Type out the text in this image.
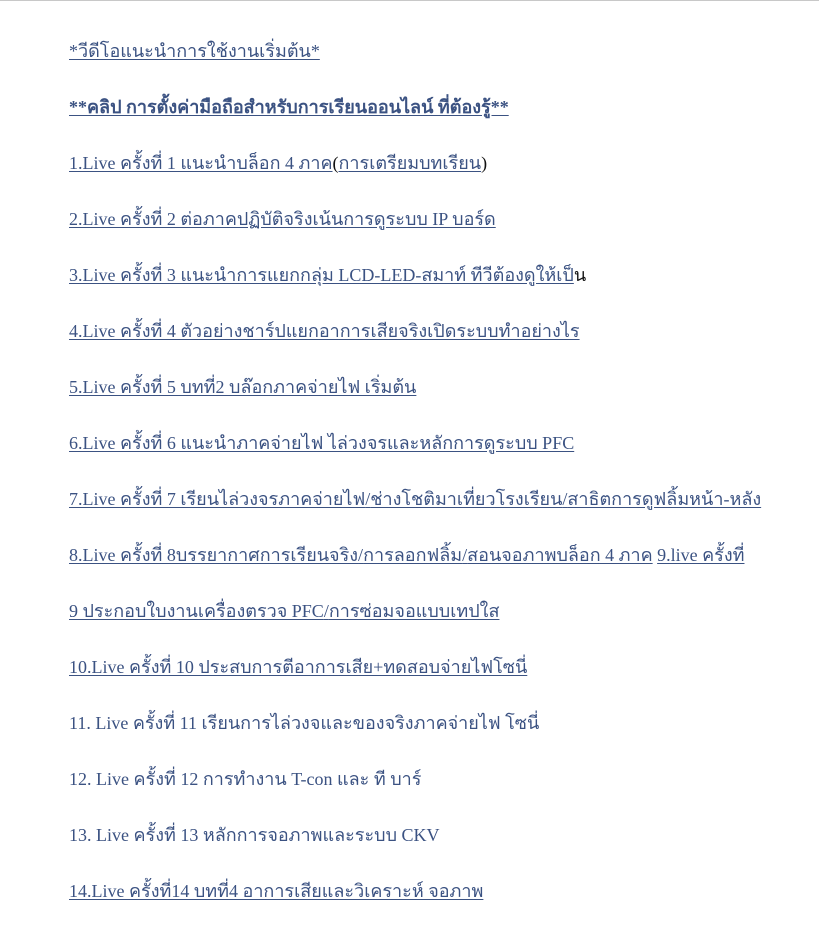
*วีดีโอแนะนำการใช้งานเริ่มต้น*
**คลิป การตั้งค่ามือถือสำหรับการเรียนออนไลน์ ที่ต้องรู้**
1.Live ครั้งที่ 1 แนะนำบล็อก 4 ภาค(การเตรียมบทเรียน)
2.Live ครั้งที่ 2 ต่อภาคปฏิบัติจริงเน้นการดูระบบ IP บอร์ด
3.Live ครั้งที่ 3 แนะนำการแยกกลุ่ม LCD-LED-สมาท์ ทีวีต้องดูให้เป็น
4.Live ครั้งที่ 4 ตัวอย่างชาร์ปแยกอาการเสียจริงเปิดระบบทำอย่างไร
5.Live ครั้งที่ 5 บทที่2 บล๊อกภาคจ่ายไฟ เริ่มต้น
6.Live ครั้งที่ 6 แนะนำภาคจ่ายไฟ ไล่วงจรและหลักการดูระบบ PFC
7.Live ครั้งที่ 7 เรียนไล่วงจรภาคจ่ายไฟ/ช่างโชติมาเที่ยวโรงเรียน/สาธิตการดูฟลิ้มหน้า-หลัง
8.Live ครั้งที่ 8บรรยากาศการเรียนจริง/การลอกฟลิ้ม/สอนจอภาพบล็อก 4 ภาค 9.live ครั้งที่
9 ประกอบใบงานเครื่องตรวจ PFC/การซ่อมจอแบบเทปใส
10.Live ครั้งที่ 10 ประสบการตีอาการเสีย+ทดสอบจ่ายไฟโซนี่
11. Live ครั้งที่ 11 เรียนการไล่วงจและของจริงภาคจ่ายไฟ โซนี่
12. Live ครั้งที่ 12 การทำงาน T-con และ ที บาร์
13. Live ครั้งที่ 13 หลักการจอภาพและระบบ CKV
14.Live ครั้งที่14 บทที่4 อาการเสียและวิเคราะห์ จอภาพ
